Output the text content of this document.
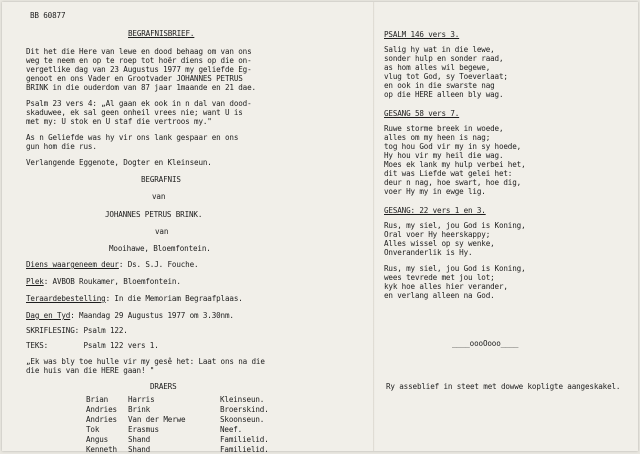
BB 60877
BEGRAFNISBRIEF.
Dit het die Here van lewe en dood behaag om van ons
weg te neem en op te roep tot hoër diens op die on-
vergetlike dag van 23 Augustus 1977 my geliefde Eg-
genoot en ons Vader en Grootvader JOHANNES PETRUS
BRINK in die ouderdom van 87 jaar 1maande en 21 dae.
Psalm 23 vers 4: „Al gaan ek ook in n dal van dood-
skaduwee, ek sal geen onheil vrees nie; want U is
met my: U stok en U staf die vertroos my."
As n Geliefde was hy vir ons lank gespaar en ons
gun hom die rus.
Verlangende Eggenote, Dogter en Kleinseun.
BEGRAFNIS
van
JOHANNES PETRUS BRINK.
van
Mooihawe, Bloemfontein.
Diens waargeneem deur: Ds. S.J. Fouche.
Plek: AVBOB Roukamer, Bloemfontein.
Teraardebestelling: In die Memoriam Begraafplaas.
Dag en Tyd: Maandag 29 Augustus 1977 om 3.30nm.
SKRIFLESING: Psalm 122.
TEKS:        Psalm 122 vers 1.
„Ek was bly toe hulle vir my gesê het: Laat ons na die
die huis van die HERE gaan! "
DRAERS
Brian	Harris	Kleinseun.
Andries Brink	Broerskind.
Andries Van der Merwe	Skoonseun.
Tok	Erasmus	Neef.
Angus	Shand	Familielid.
Kenneth Shand	Familielid.
PSALM 146 vers 3.
Salig hy wat in die lewe,
sonder hulp en sonder raad,
as hom alles wil begewe,
vlug tot God, sy Toeverlaat;
en ook in die swarste nag
op die HERE alleen bly wag.
GESANG 58 vers 7.
Ruwe storme breek in woede,
alles om my heen is nag;
tog hou God vir my in sy hoede,
Hy hou vir my heil die wag.
Moes ek lank my hulp verbei het,
dit was Liefde wat gelei het:
deur n nag, hoe swart, hoe dig,
voer Hy my in ewge lig.
GESANG: 22 vers 1 en 3.
Rus, my siel, jou God is Koning,
Oral voer Hy heerskappy;
Alles wissel op sy wenke,
Onveranderlik is Hy.
Rus, my siel, jou God is Koning,
wees tevrede met jou lot;
kyk hoe alles hier verander,
en verlang alleen na God.
____oooOooo____
Ry asseblief in steet met dowwe kopligte aangeskakel.
